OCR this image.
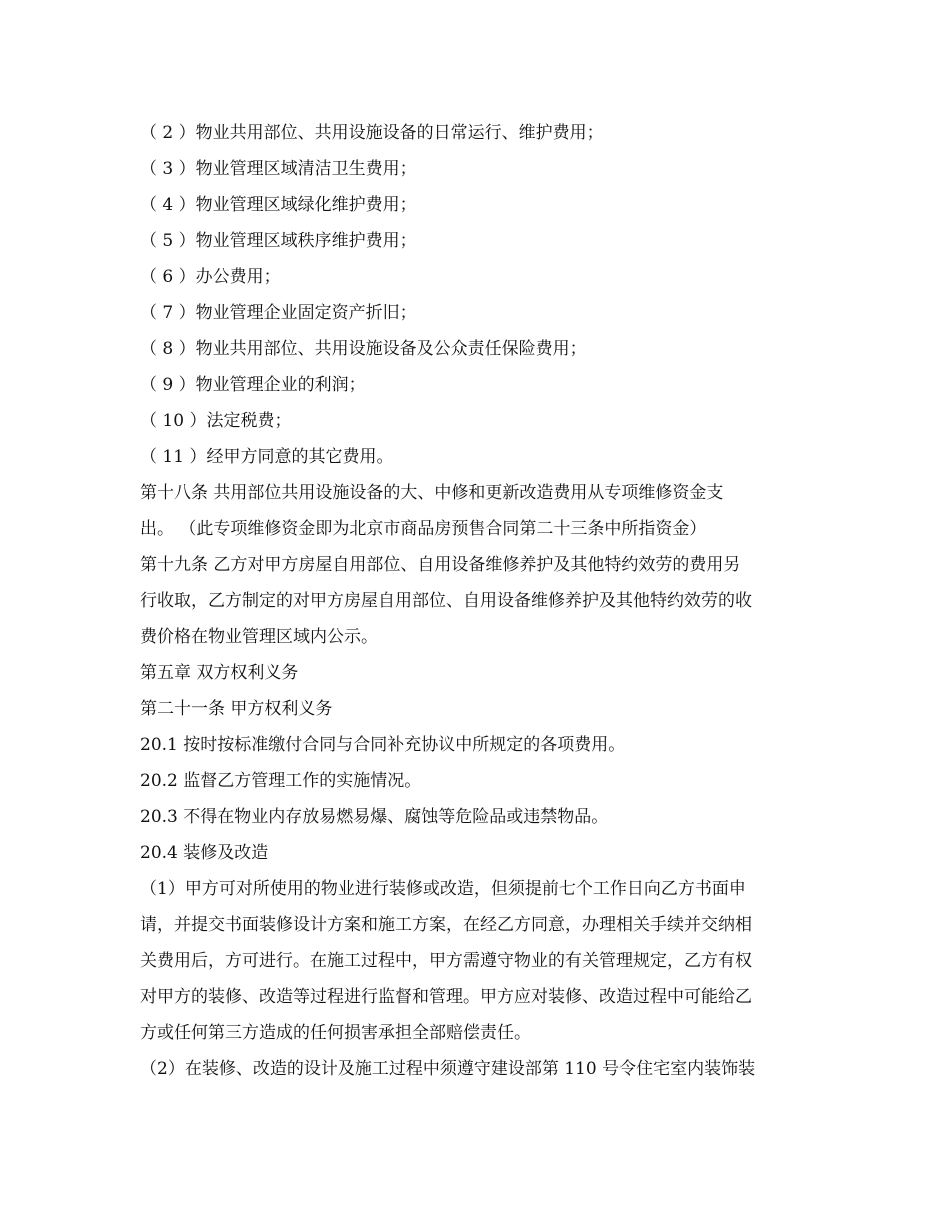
（ 2 ）物业共用部位、共用设施设备的日常运行、维护费用；
（ 3 ）物业管理区域清洁卫生费用；
（ 4 ）物业管理区域绿化维护费用；
（ 5 ）物业管理区域秩序维护费用；
（ 6 ）办公费用；
（ 7 ）物业管理企业固定资产折旧；
（ 8 ）物业共用部位、共用设施设备及公众责任保险费用；
（ 9 ）物业管理企业的利润；
（ 10 ）法定税费；
（ 11 ）经甲方同意的其它费用。
第十八条 共用部位共用设施设备的大、中修和更新改造费用从专项维修资金支
出。 （此专项维修资金即为北京市商品房预售合同第二十三条中所指资金）
第十九条 乙方对甲方房屋自用部位、自用设备维修养护及其他特约效劳的费用另
行收取，乙方制定的对甲方房屋自用部位、自用设备维修养护及其他特约效劳的收
费价格在物业管理区域内公示。
第五章 双方权利义务
第二十一条 甲方权利义务
20.1 按时按标准缴付合同与合同补充协议中所规定的各项费用。
20.2 监督乙方管理工作的实施情况。
20.3 不得在物业内存放易燃易爆、腐蚀等危险品或违禁物品。
20.4 装修及改造
（1）甲方可对所使用的物业进行装修或改造，但须提前七个工作日向乙方书面申
请，并提交书面装修设计方案和施工方案，在经乙方同意，办理相关手续并交纳相
关费用后，方可进行。在施工过程中，甲方需遵守物业的有关管理规定，乙方有权
对甲方的装修、改造等过程进行监督和管理。甲方应对装修、改造过程中可能给乙
方或任何第三方造成的任何损害承担全部赔偿责任。
（2）在装修、改造的设计及施工过程中须遵守建设部第 110 号令住宅室内装饰装
